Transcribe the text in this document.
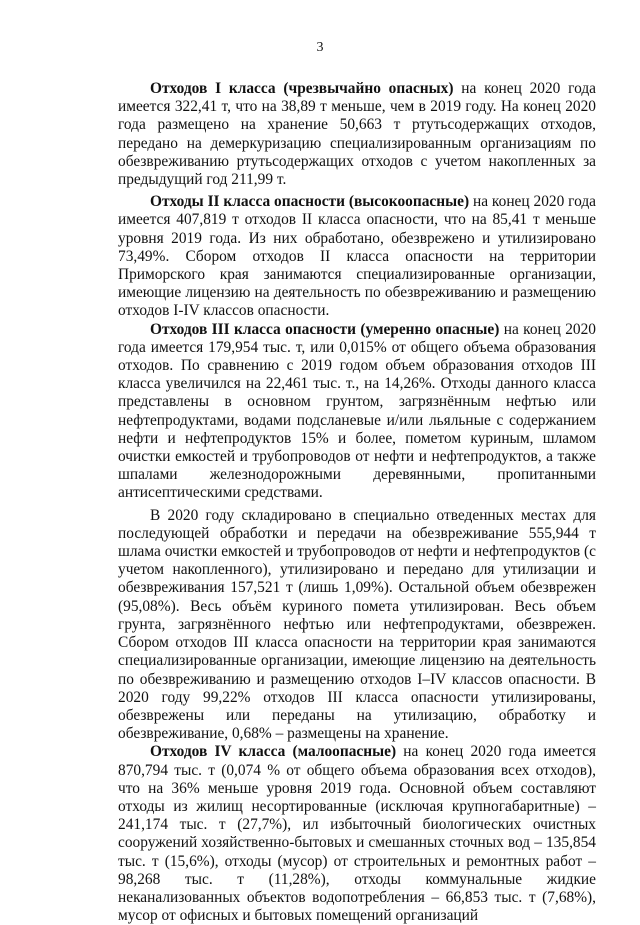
3

Отходов I класса (чрезвычайно опасных) на конец 2020 года имеется 322,41 т, что на 38,89 т меньше, чем в 2019 году. На конец 2020 года размещено на хранение 50,663 т ртутьсодержащих отходов, передано на демеркуризацию специализированным организациям по обезвреживанию ртутьсодержащих отходов с учетом накопленных за предыдущий год 211,99 т.

Отходы II класса опасности (высокоопасные) на конец 2020 года имеется 407,819 т отходов II класса опасности, что на 85,41 т меньше уровня 2019 года. Из них обработано, обезврежено и утилизировано 73,49%. Сбором отходов II класса опасности на территории Приморского края занимаются специализированные организации, имеющие лицензию на деятельность по обезвреживанию и размещению отходов I-IV классов опасности.

Отходов III класса опасности (умеренно опасные) на конец 2020 года имеется 179,954 тыс. т, или 0,015% от общего объема образования отходов. По сравнению с 2019 годом объем образования отходов III класса увеличился на 22,461 тыс. т., на 14,26%. Отходы данного класса представлены в основном грунтом, загрязнённым нефтью или нефтепродуктами, водами подсланевые и/или льяльные с содержанием нефти и нефтепродуктов 15% и более, пометом куриным, шламом очистки емкостей и трубопроводов от нефти и нефтепродуктов, а также шпалами железнодорожными деревянными, пропитанными антисептическими средствами.

В 2020 году складировано в специально отведенных местах для последующей обработки и передачи на обезвреживание 555,944 т шлама очистки емкостей и трубопроводов от нефти и нефтепродуктов (с учетом накопленного), утилизировано и передано для утилизации и обезвреживания 157,521 т (лишь 1,09%). Остальной объем обезврежен (95,08%). Весь объём куриного помета утилизирован. Весь объем грунта, загрязнённого нефтью или нефтепродуктами, обезврежен. Сбором отходов III класса опасности на территории края занимаются специализированные организации, имеющие лицензию на деятельность по обезвреживанию и размещению отходов I–IV классов опасности. В 2020 году 99,22% отходов III класса опасности утилизированы, обезврежены или переданы на утилизацию, обработку и обезвреживание, 0,68% – размещены на хранение.

Отходов IV класса (малоопасные) на конец 2020 года имеется 870,794 тыс. т (0,074 % от общего объема образования всех отходов), что на 36% меньше уровня 2019 года. Основной объем составляют отходы из жилищ несортированные (исключая крупногабаритные) – 241,174 тыс. т (27,7%), ил избыточный биологических очистных сооружений хозяйственно-бытовых и смешанных сточных вод – 135,854 тыс. т (15,6%), отходы (мусор) от строительных и ремонтных работ – 98,268 тыс. т (11,28%), отходы коммунальные жидкие неканализованных объектов водопотребления – 66,853 тыс. т (7,68%), мусор от офисных и бытовых помещений организаций
